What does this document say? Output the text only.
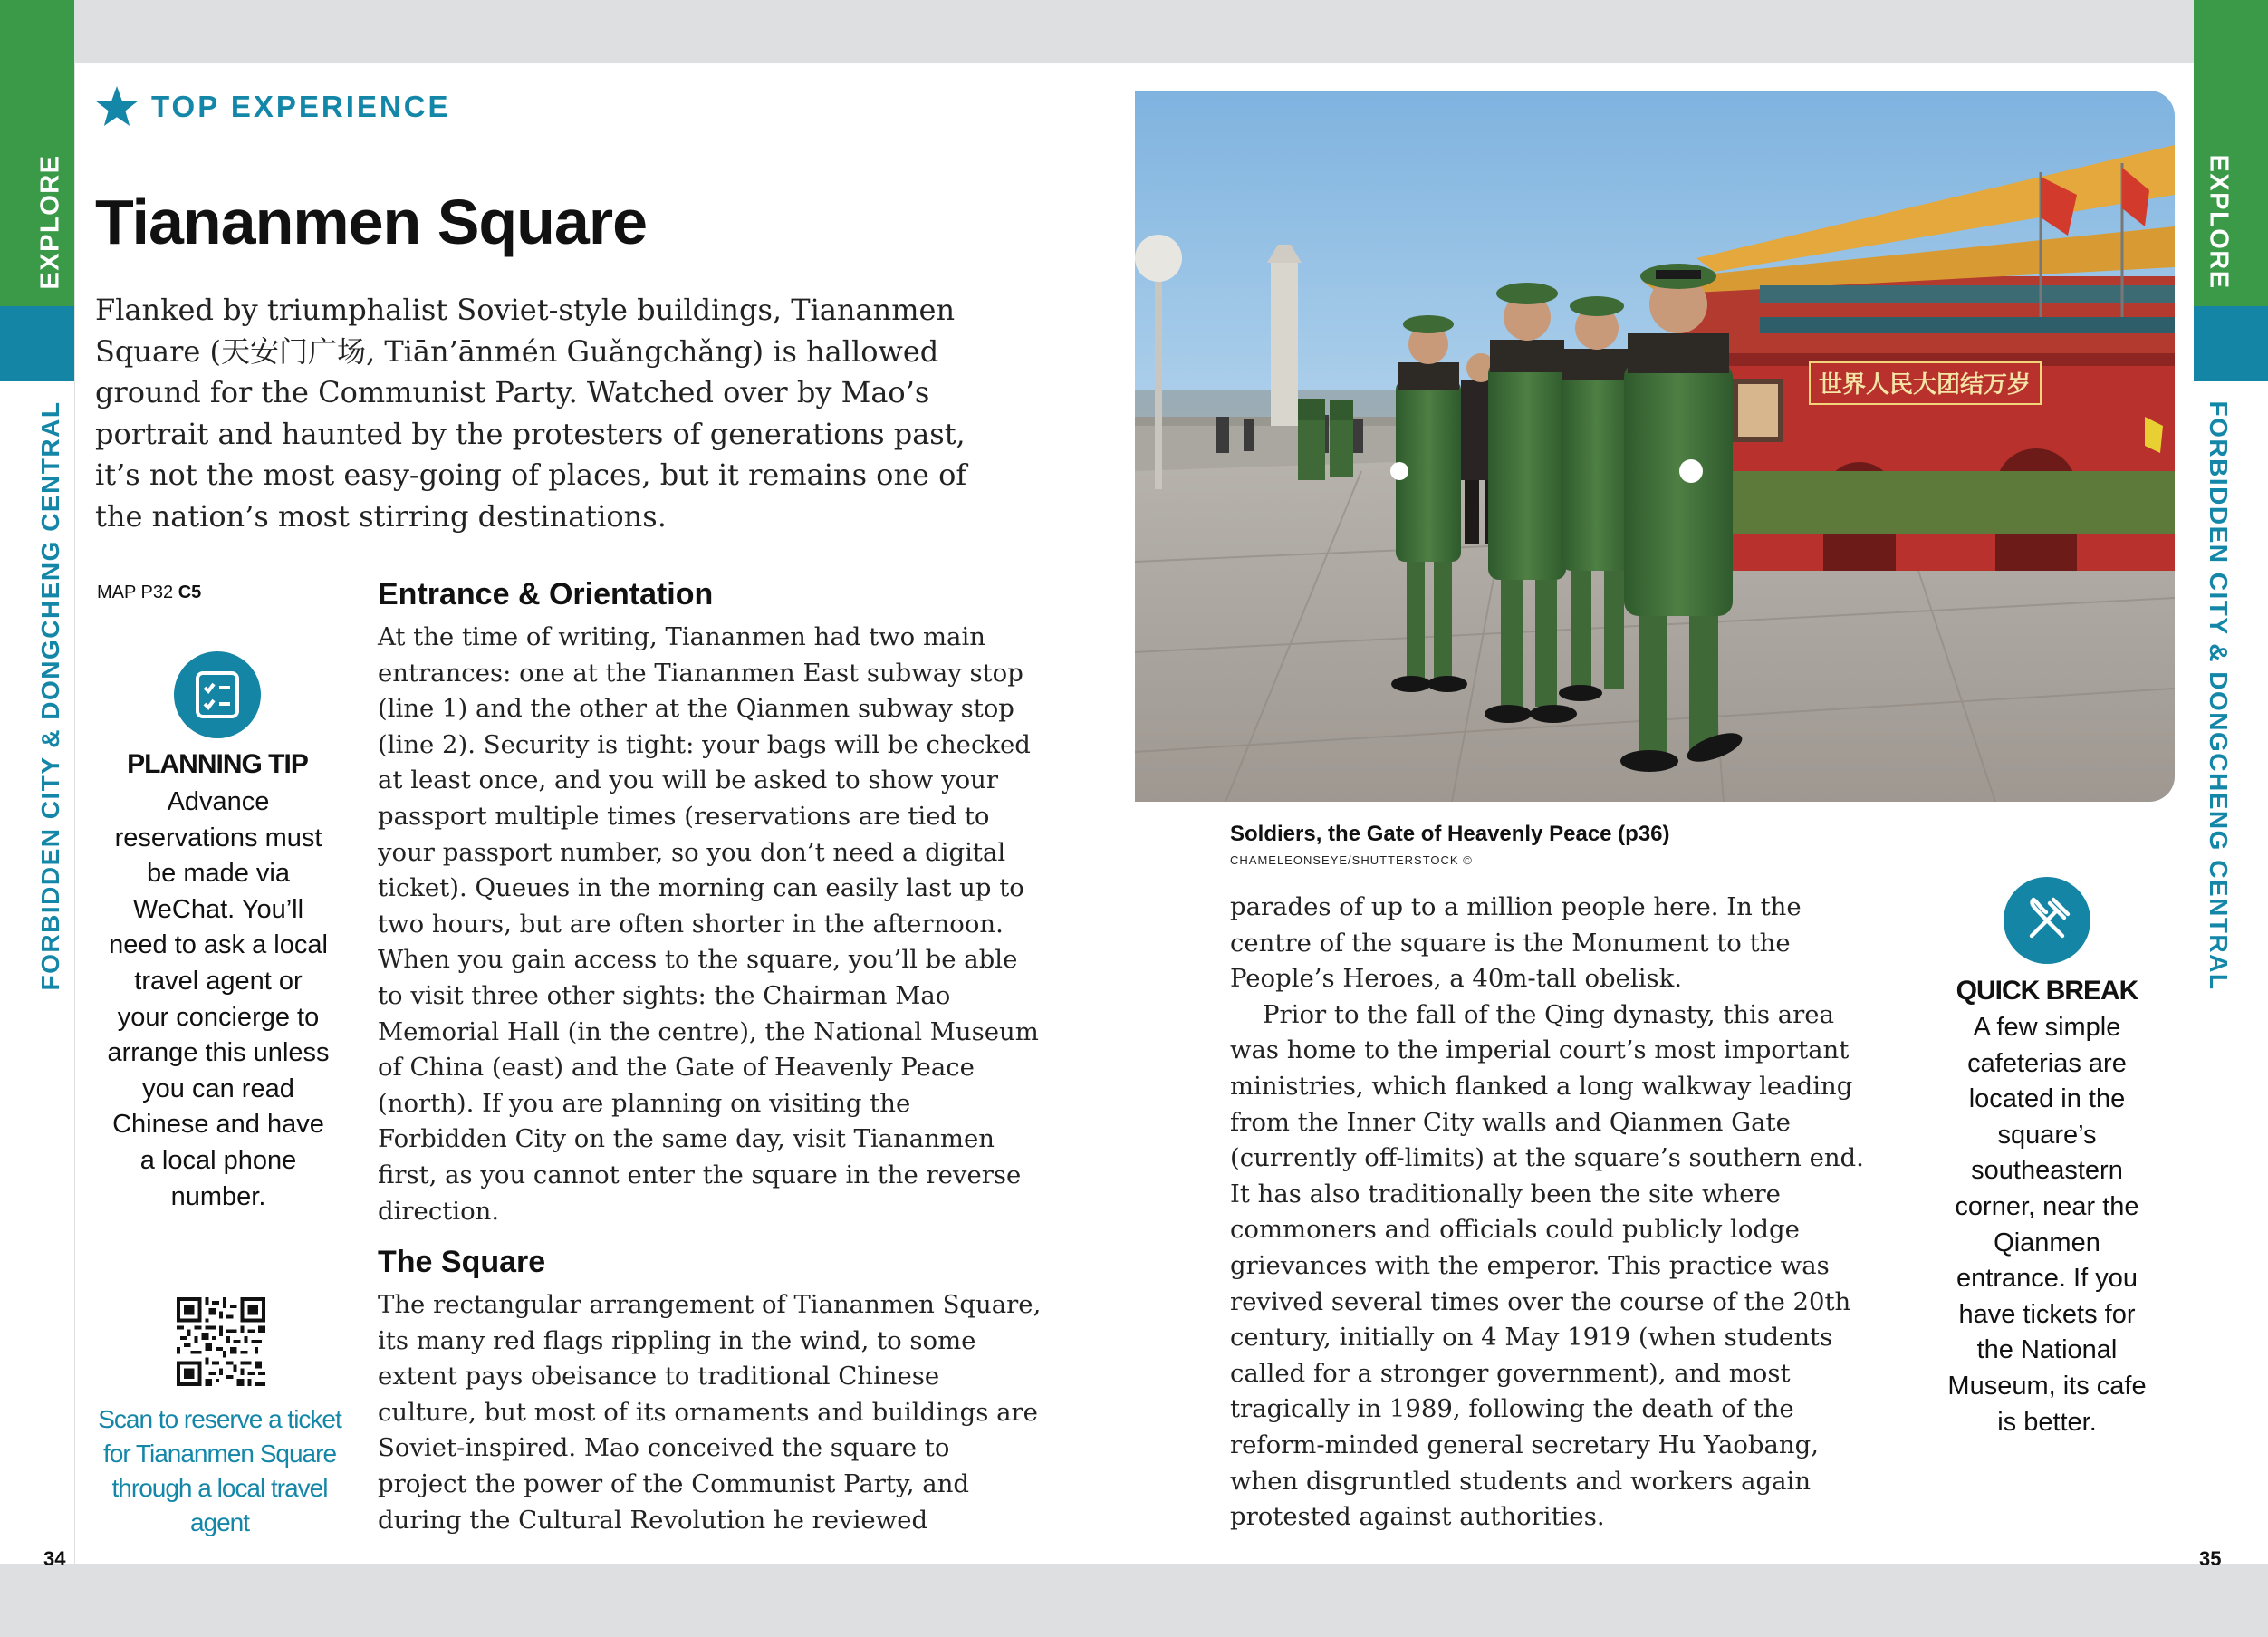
EXPLORE
FORBIDDEN CITY & DONGCHENG CENTRAL
EXPLORE
FORBIDDEN CITY & DONGCHENG CENTRAL
TOP EXPERIENCE
Tiananmen Square

Flanked by triumphalist Soviet-style buildings, Tiananmen Square (天安门广场, Tiān’ānmén Guǎngchǎng) is hallowed ground for the Communist Party. Watched over by Mao’s portrait and haunted by the protesters of generations past, it’s not the most easy-going of places, but it remains one of the nation’s most stirring destinations.

MAP P32 C5
PLANNING TIP
Advance reservations must be made via WeChat. You’ll need to ask a local travel agent or your concierge to arrange this unless you can read Chinese and have a local phone number.
Scan to reserve a ticket for Tiananmen Square through a local travel agent
Entrance & Orientation

At the time of writing, Tiananmen had two main entrances: one at the Tiananmen East subway stop (line 1) and the other at the Qianmen subway stop (line 2). Security is tight: your bags will be checked at least once, and you will be asked to show your passport multiple times (reservations are tied to your passport number, so you don’t need a digital ticket). Queues in the morning can easily last up to two hours, but are often shorter in the afternoon. When you gain access to the square, you’ll be able to visit three other sights: the Chairman Mao Memorial Hall (in the centre), the National Museum of China (east) and the Gate of Heavenly Peace (north). If you are planning on visiting the Forbidden City on the same day, visit Tiananmen first, as you cannot enter the square in the reverse direction.

The Square

The rectangular arrangement of Tiananmen Square, its many red flags rippling in the wind, to some extent pays obeisance to traditional Chinese culture, but most of its ornaments and buildings are Soviet-inspired. Mao conceived the square to project the power of the Communist Party, and during the Cultural Revolution he reviewed

世界人民大团结万岁
Soldiers, the Gate of Heavenly Peace (p36)
CHAMELEONSEYE/SHUTTERSTOCK ©

parades of up to a million people here. In the centre of the square is the Monument to the People’s Heroes, a 40m-tall obelisk.

Prior to the fall of the Qing dynasty, this area was home to the imperial court’s most important ministries, which flanked a long walkway leading from the Inner City walls and Qianmen Gate (currently off-limits) at the square’s southern end. It has also traditionally been the site where commoners and officials could publicly lodge grievances with the emperor. This practice was revived several times over the course of the 20th century, initially on 4 May 1919 (when students called for a stronger government), and most tragically in 1989, following the death of the reform-minded general secretary Hu Yaobang, when disgruntled students and workers again protested against authorities.

QUICK BREAK
A few simple cafeterias are located in the square’s southeastern corner, near the Qianmen entrance. If you have tickets for the National Museum, its cafe is better.
34	35
